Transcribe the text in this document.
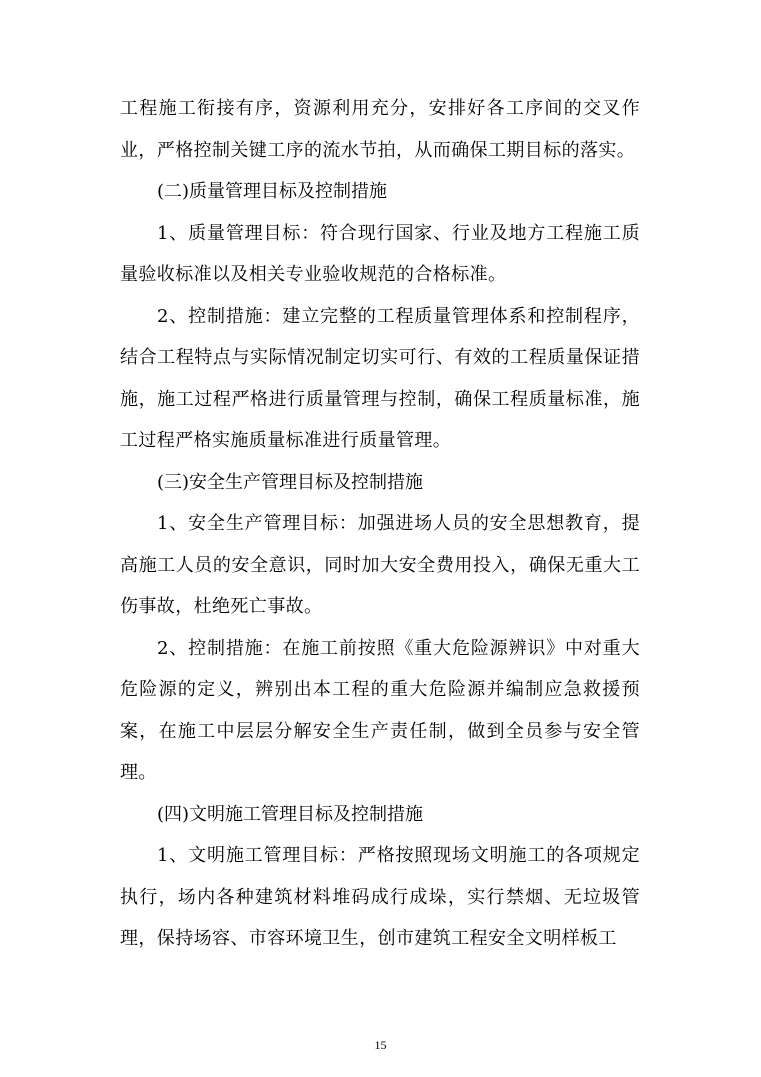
工程施工衔接有序，资源利用充分，安排好各工序间的交叉作业，严格控制关键工序的流水节拍，从而确保工期目标的落实。

(二)质量管理目标及控制措施

1、质量管理目标：符合现行国家、行业及地方工程施工质量验收标准以及相关专业验收规范的合格标准。

2、控制措施：建立完整的工程质量管理体系和控制程序，结合工程特点与实际情况制定切实可行、有效的工程质量保证措施，施工过程严格进行质量管理与控制，确保工程质量标准，施工过程严格实施质量标准进行质量管理。

(三)安全生产管理目标及控制措施

1、安全生产管理目标：加强进场人员的安全思想教育，提高施工人员的安全意识，同时加大安全费用投入，确保无重大工伤事故，杜绝死亡事故。

2、控制措施：在施工前按照《重大危险源辨识》中对重大危险源的定义，辨别出本工程的重大危险源并编制应急救援预案，在施工中层层分解安全生产责任制，做到全员参与安全管理。

(四)文明施工管理目标及控制措施

1、文明施工管理目标：严格按照现场文明施工的各项规定执行，场内各种建筑材料堆码成行成垛，实行禁烟、无垃圾管理，保持场容、市容环境卫生，创市建筑工程安全文明样板工

15
